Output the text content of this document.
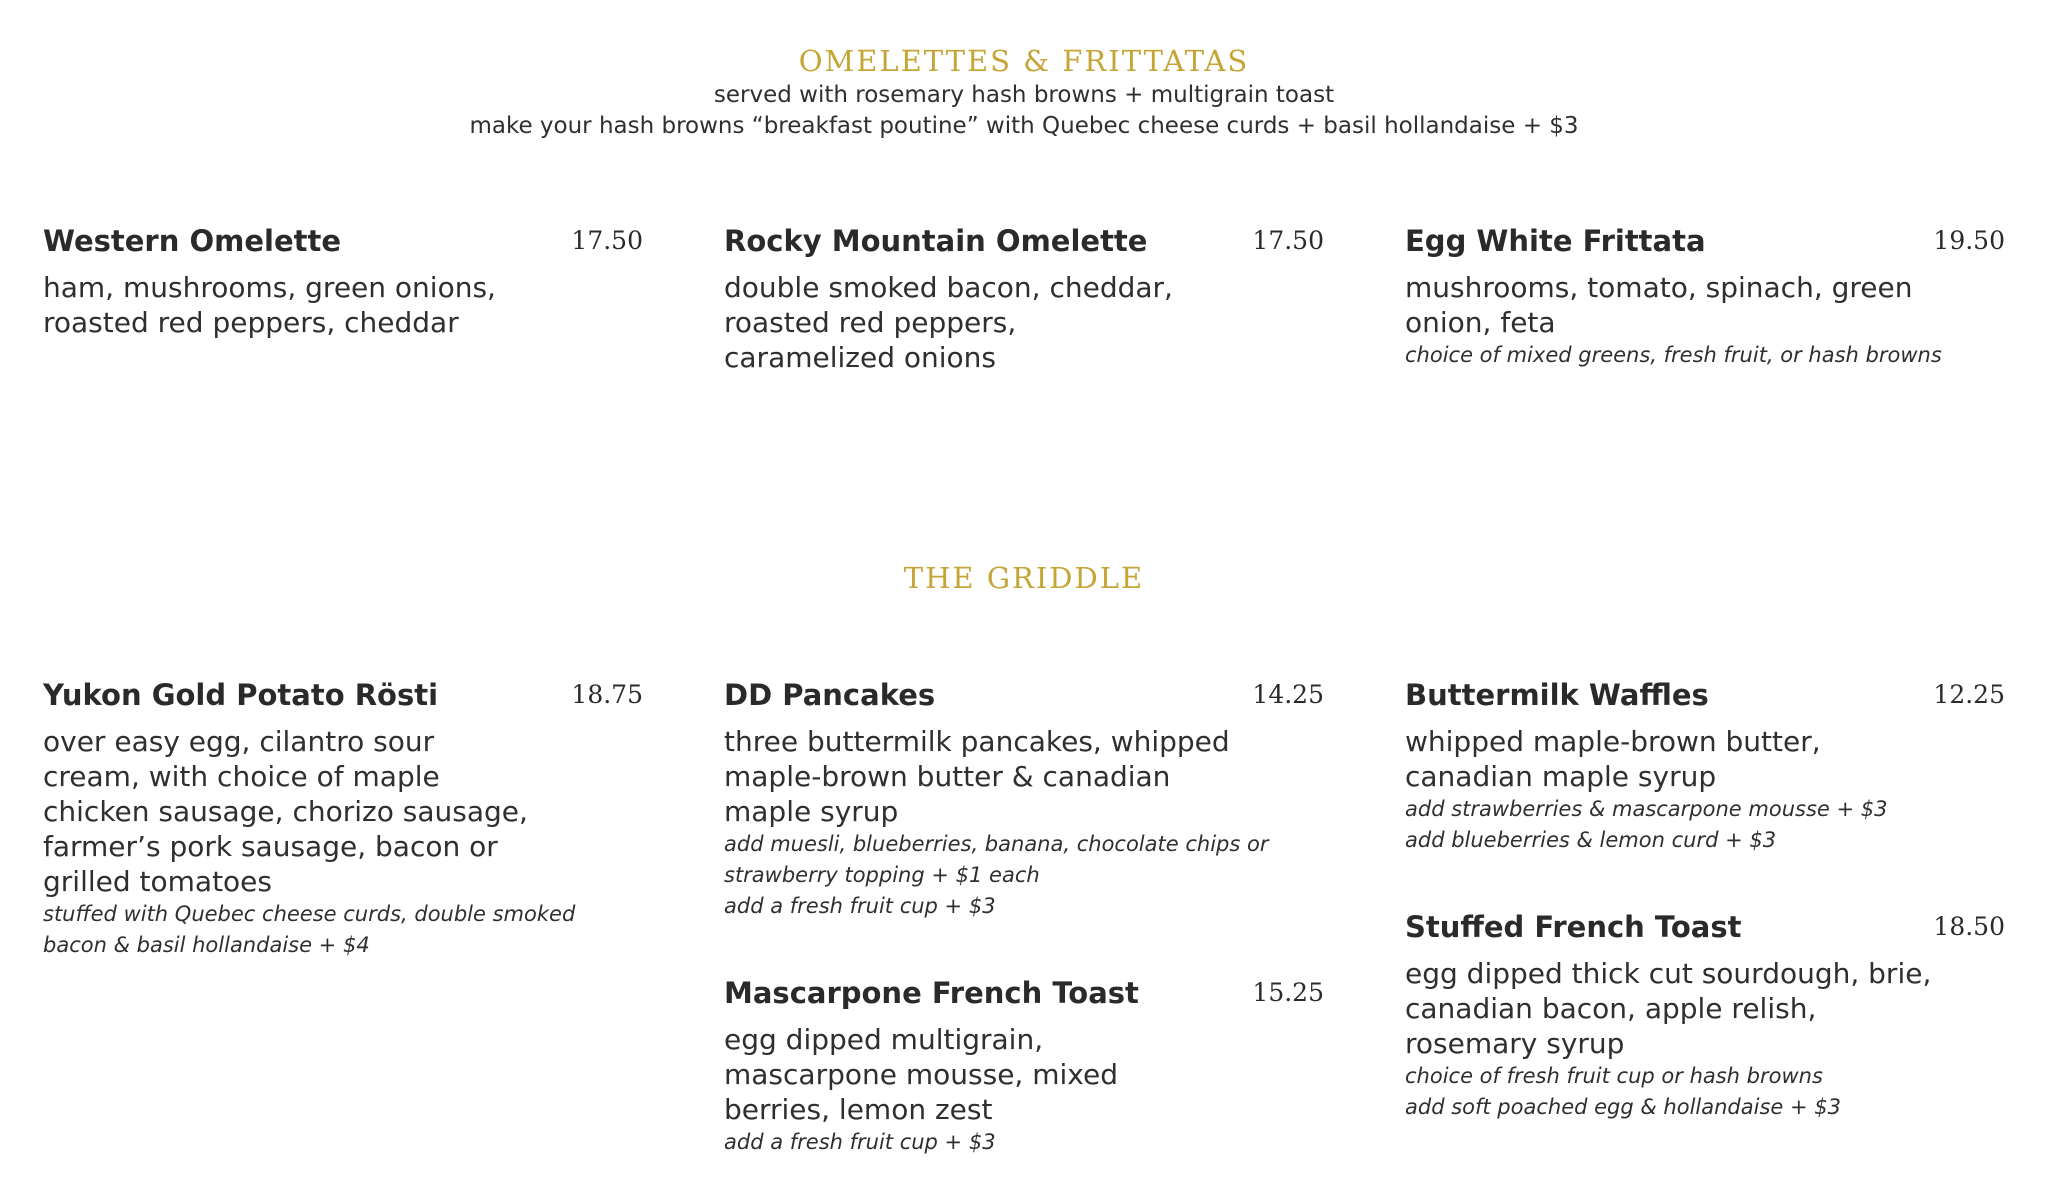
OMELETTES & FRITTATAS
served with rosemary hash browns + multigrain toast
make your hash browns “breakfast poutine” with Quebec cheese curds + basil hollandaise + $3
Western Omelette	17.50
ham, mushrooms, green onions, roasted red peppers, cheddar
Rocky Mountain Omelette	17.50
double smoked bacon, cheddar, roasted red peppers, caramelized onions
Egg White Frittata	19.50
mushrooms, tomato, spinach, green onion, feta
choice of mixed greens, fresh fruit, or hash browns
THE GRIDDLE
Yukon Gold Potato Rösti	18.75
over easy egg, cilantro sour cream, with choice of maple chicken sausage, chorizo sausage, farmer’s pork sausage, bacon or grilled tomatoes
stuffed with Quebec cheese curds, double smoked bacon & basil hollandaise + $4
DD Pancakes	14.25
three buttermilk pancakes, whipped maple-brown butter & canadian maple syrup
add muesli, blueberries, banana, chocolate chips or strawberry topping + $1 each
add a fresh fruit cup + $3
Buttermilk Waffles	12.25
whipped maple-brown butter, canadian maple syrup
add strawberries & mascarpone mousse + $3
add blueberries & lemon curd + $3
Mascarpone French Toast	15.25
egg dipped multigrain, mascarpone mousse, mixed berries, lemon zest
add a fresh fruit cup + $3
Stuffed French Toast	18.50
egg dipped thick cut sourdough, brie, canadian bacon, apple relish, rosemary syrup
choice of fresh fruit cup or hash browns
add soft poached egg & hollandaise + $3
